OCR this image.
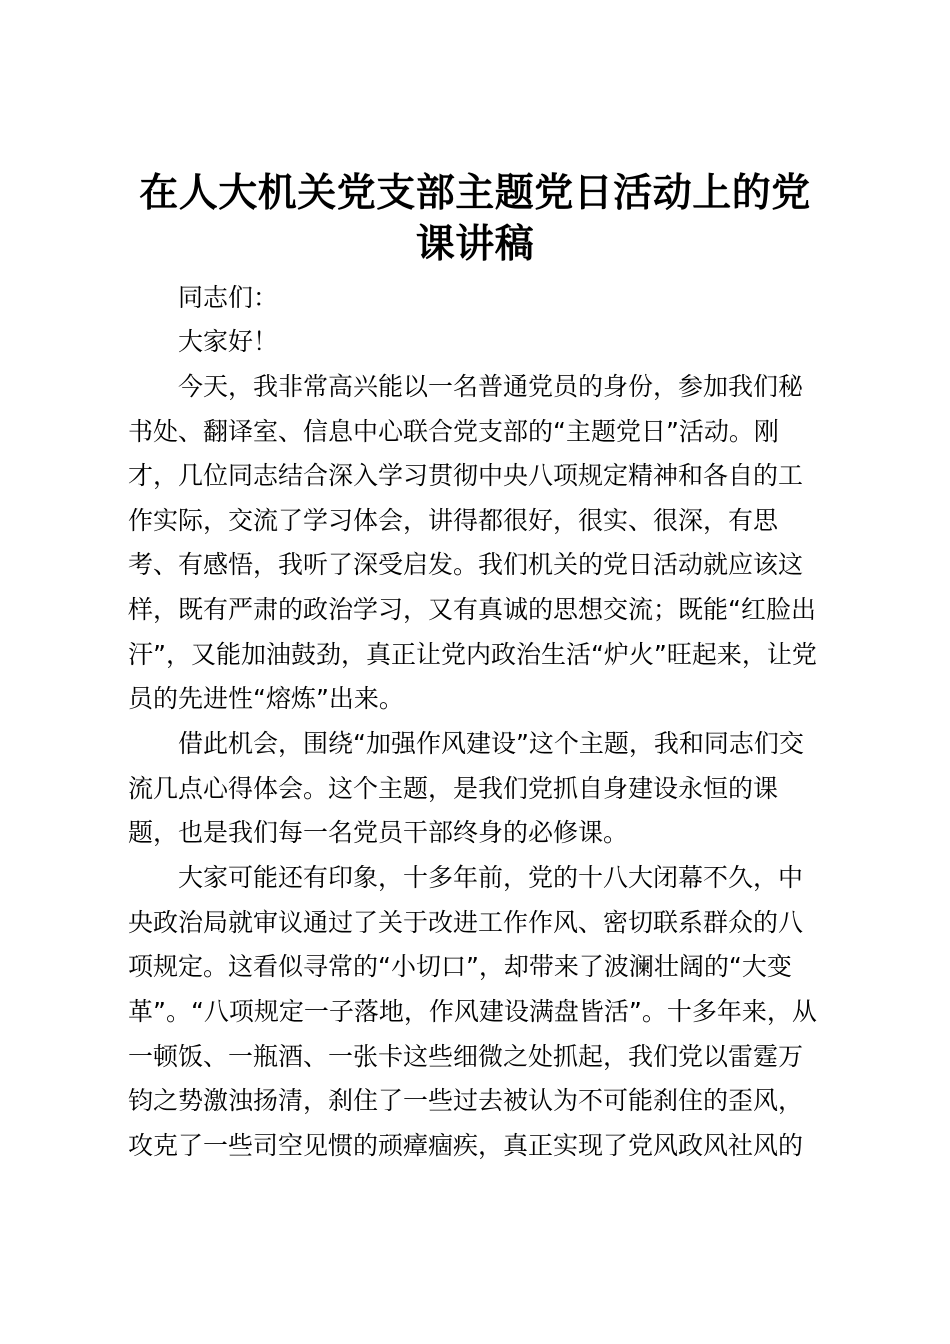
在人大机关党支部主题党日活动上的党
课讲稿
同志们：
大家好！
今天，我非常高兴能以一名普通党员的身份，参加我们秘
书处、翻译室、信息中心联合党支部的“主题党日”活动。刚
才，几位同志结合深入学习贯彻中央八项规定精神和各自的工
作实际，交流了学习体会，讲得都很好，很实、很深，有思
考、有感悟，我听了深受启发。我们机关的党日活动就应该这
样，既有严肃的政治学习，又有真诚的思想交流；既能“红脸出
汗”，又能加油鼓劲，真正让党内政治生活“炉火”旺起来，让党
员的先进性“熔炼”出来。
借此机会，围绕“加强作风建设”这个主题，我和同志们交
流几点心得体会。这个主题，是我们党抓自身建设永恒的课
题，也是我们每一名党员干部终身的必修课。
大家可能还有印象，十多年前，党的十八大闭幕不久，中
央政治局就审议通过了关于改进工作作风、密切联系群众的八
项规定。这看似寻常的“小切口”，却带来了波澜壮阔的“大变
革”。“八项规定一子落地，作风建设满盘皆活”。十多年来，从
一顿饭、一瓶酒、一张卡这些细微之处抓起，我们党以雷霆万
钧之势激浊扬清，刹住了一些过去被认为不可能刹住的歪风，
攻克了一些司空见惯的顽瘴痼疾，真正实现了党风政风社风的
